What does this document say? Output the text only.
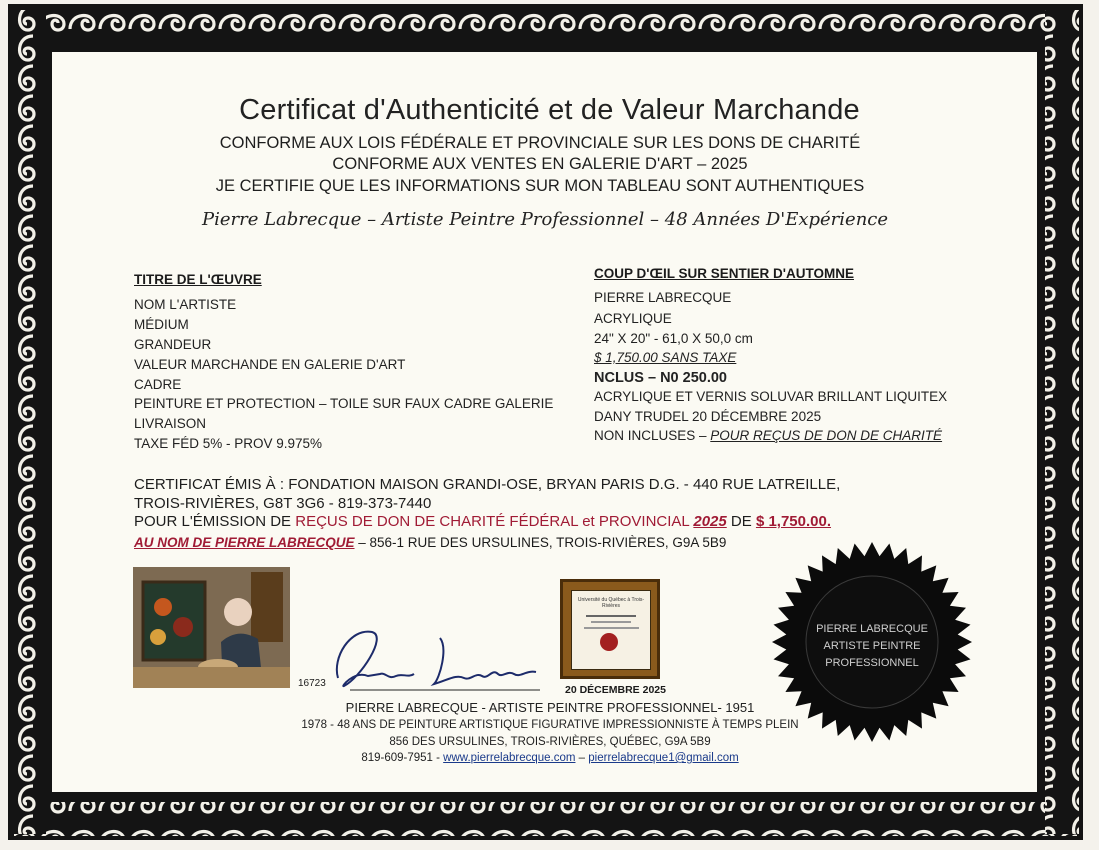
Certificat d'Authenticité et de Valeur Marchande
CONFORME AUX LOIS FÉDÉRALE ET PROVINCIALE SUR LES DONS DE CHARITÉ
CONFORME AUX VENTES EN GALERIE D'ART – 2025
JE CERTIFIE QUE LES INFORMATIONS SUR MON TABLEAU SONT AUTHENTIQUES
Pierre Labrecque – Artiste Peintre Professionnel – 48 Années D'Expérience
TITRE DE L'ŒUVRE
NOM L'ARTISTE
MÉDIUM
GRANDEUR
VALEUR MARCHANDE EN GALERIE D'ART
CADRE
PEINTURE ET PROTECTION – TOILE SUR FAUX CADRE GALERIE
LIVRAISON
TAXE FÉD 5% - PROV 9.975%
COUP D'ŒIL SUR SENTIER D'AUTOMNE
PIERRE LABRECQUE
ACRYLIQUE
24" X 20" - 61,0 X 50,0 cm
$ 1,750.00 SANS TAXE
NCLUS – N0 250.00
ACRYLIQUE ET VERNIS SOLUVAR BRILLANT LIQUITEX
DANY TRUDEL 20 DÉCEMBRE 2025
NON INCLUSES – POUR REÇUS DE DON DE CHARITÉ
CERTIFICAT ÉMIS À : FONDATION MAISON GRANDI-OSE, BRYAN PARIS D.G. - 440 RUE LATREILLE,
TROIS-RIVIÈRES, G8T 3G6 - 819-373-7440
POUR L'ÉMISSION DE REÇUS DE DON DE CHARITÉ FÉDÉRAL et PROVINCIAL 2025 DE $ 1,750.00.
AU NOM DE PIERRE LABRECQUE – 856-1 RUE DES URSULINES, TROIS-RIVIÈRES, G9A 5B9
Université du Québec à Trois-Rivières
16723
20 DÉCEMBRE 2025
PIERRE LABRECQUE - ARTISTE PEINTRE PROFESSIONNEL- 1951
1978 - 48 ANS DE PEINTURE ARTISTIQUE FIGURATIVE IMPRESSIONNISTE À TEMPS PLEIN
856 DES URSULINES, TROIS-RIVIÈRES, QUÉBEC, G9A 5B9
819-609-7951 - www.pierrelabrecque.com – pierrelabrecque1@gmail.com
PIERRE LABRECQUE
ARTISTE PEINTRE
PROFESSIONNEL
